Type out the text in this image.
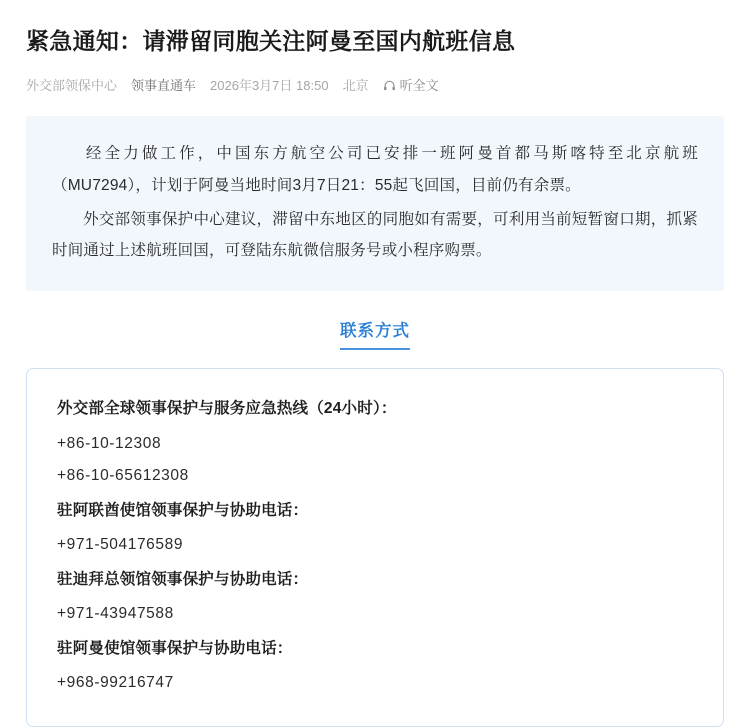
紧急通知：请滞留同胞关注阿曼至国内航班信息
外交部领保中心 领事直通车 2026年3月7日 18:50 北京 听全文

经全力做工作，中国东方航空公司已安排一班阿曼首都马斯喀特至北京航班（MU7294），计划于阿曼当地时间3月7日21：55起飞回国，目前仍有余票。

外交部领事保护中心建议，滞留中东地区的同胞如有需要，可利用当前短暂窗口期，抓紧时间通过上述航班回国，可登陆东航微信服务号或小程序购票。

联系方式
外交部全球领事保护与服务应急热线（24小时）：
+86-10-12308
+86-10-65612308
驻阿联酋使馆领事保护与协助电话：
+971-504176589
驻迪拜总领馆领事保护与协助电话：
+971-43947588
驻阿曼使馆领事保护与协助电话：
+968-99216747
